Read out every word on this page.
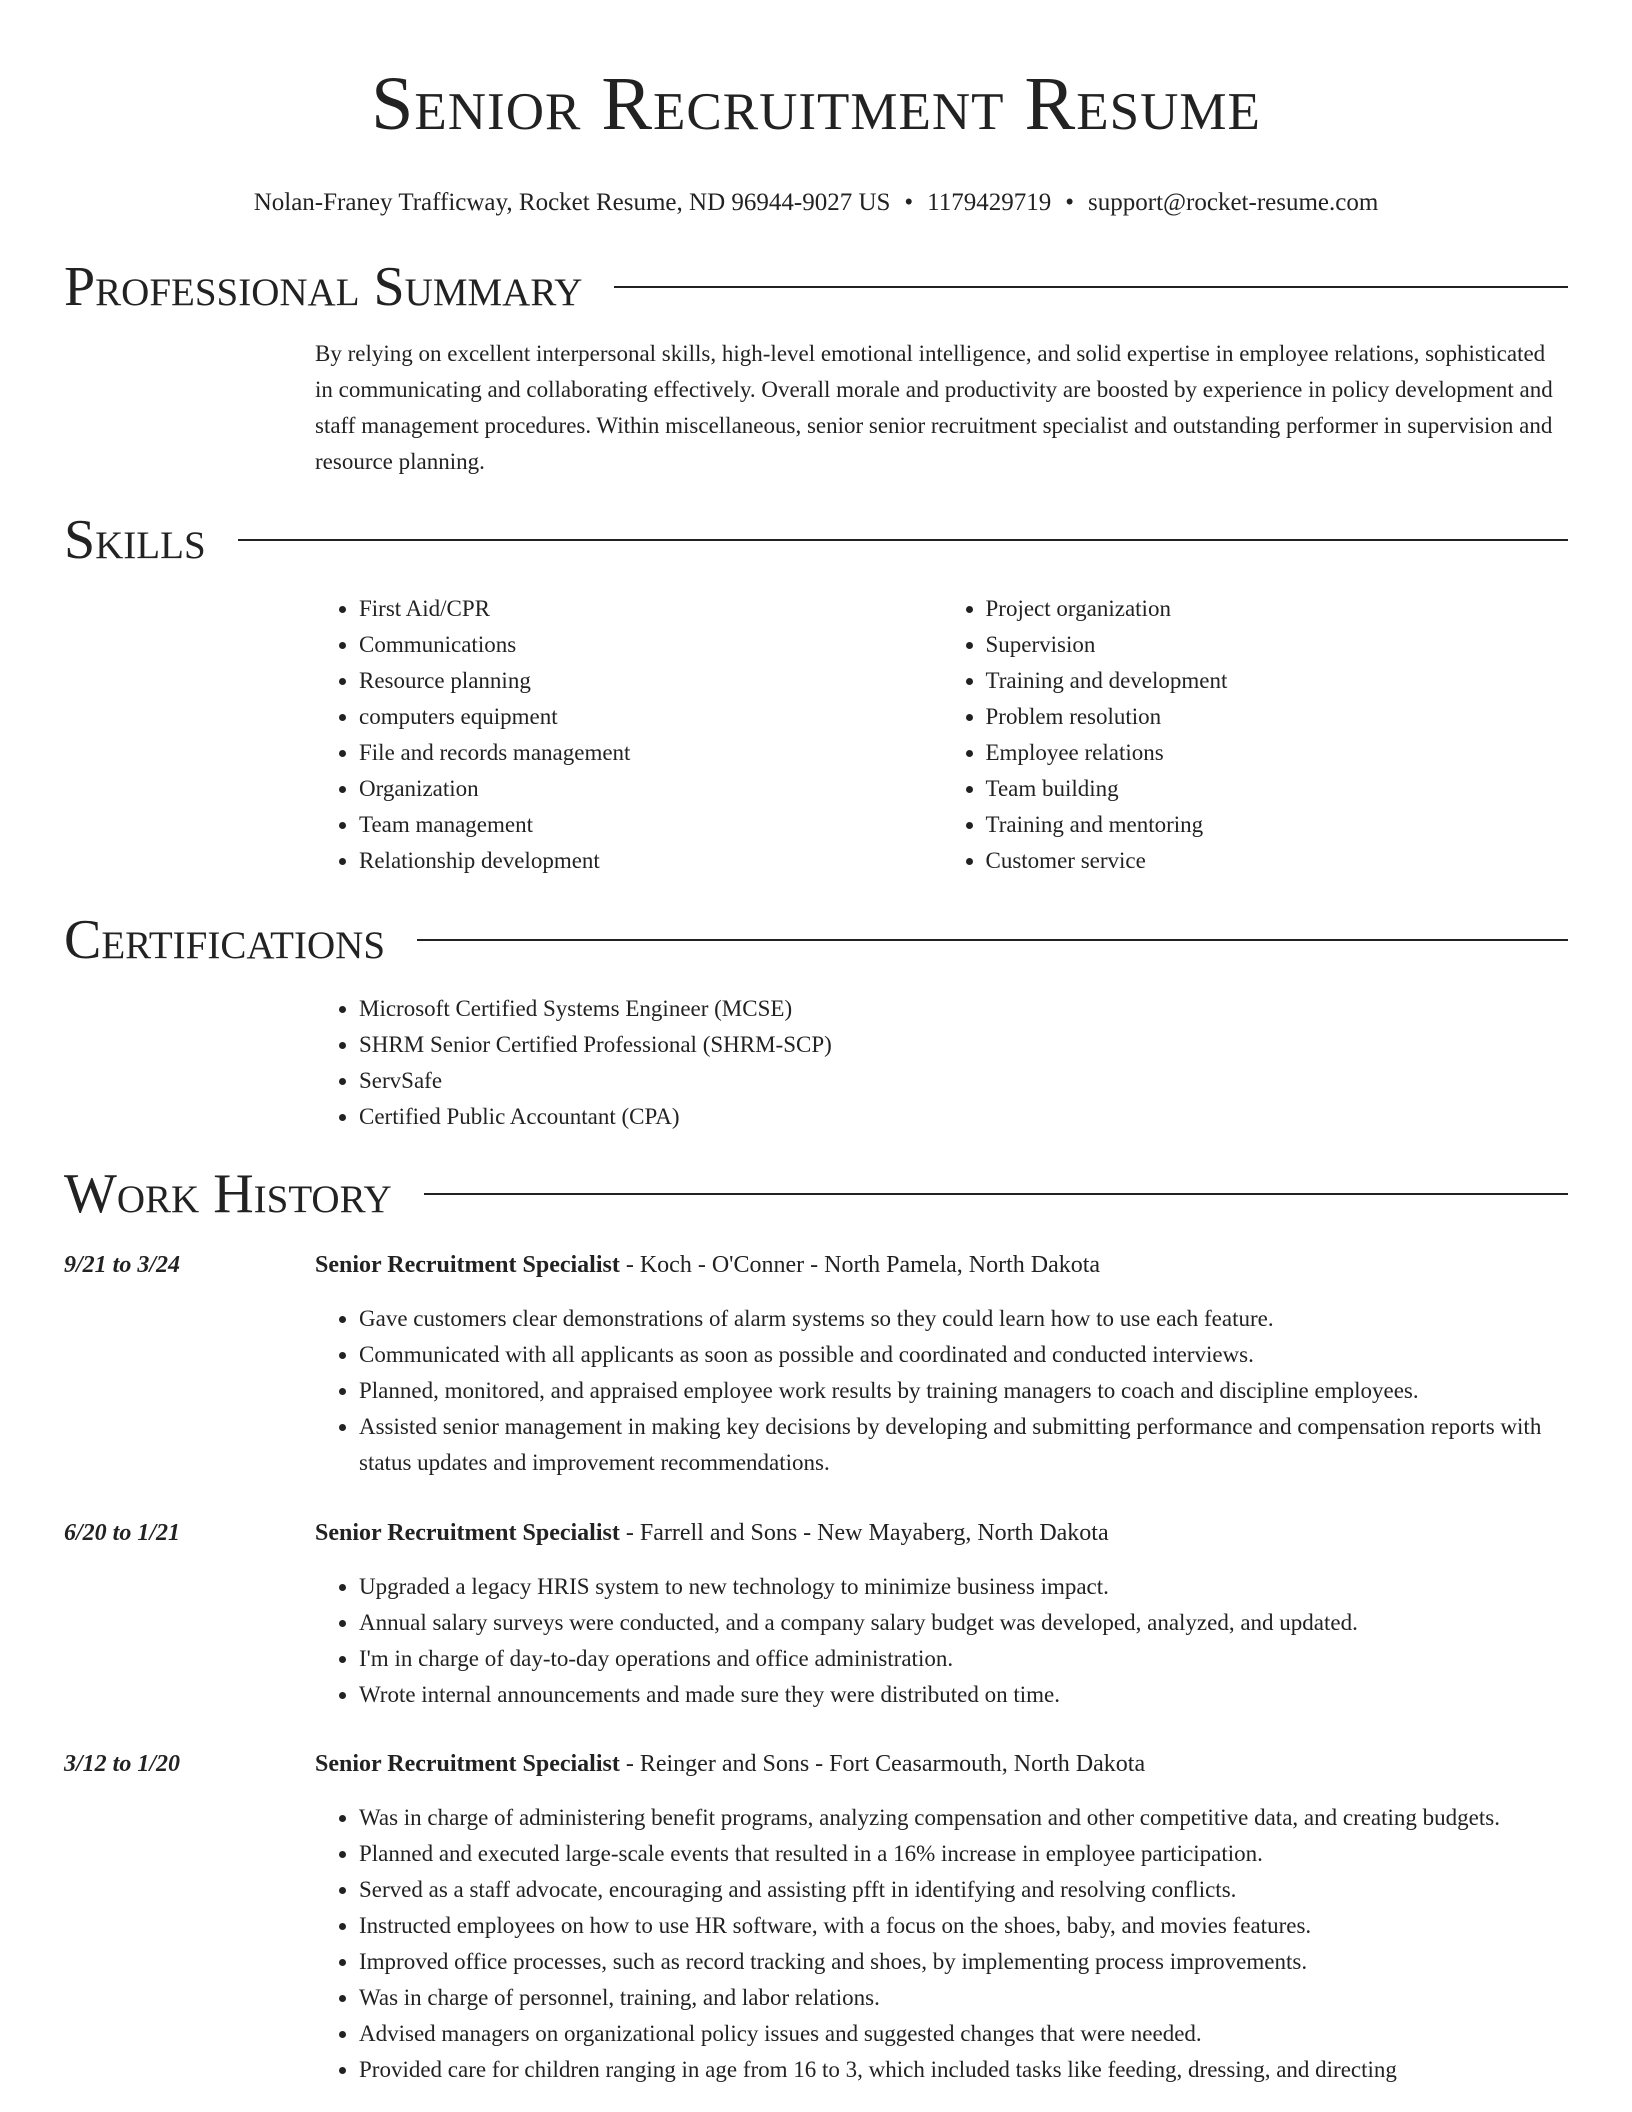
Senior Recruitment Resume
Nolan-Franey Trafficway, Rocket Resume, ND 96944-9027 US • 1179429719 • support@rocket-resume.com
Professional Summary

By relying on excellent interpersonal skills, high-level emotional intelligence, and solid expertise in employee relations, sophisticated in communicating and collaborating effectively. Overall morale and productivity are boosted by experience in policy development and staff management procedures. Within miscellaneous, senior senior recruitment specialist and outstanding performer in supervision and resource planning.

Skills
• First Aid/CPR
• Communications
• Resource planning
• computers equipment
• File and records management
• Organization
• Team management
• Relationship development
• Project organization
• Supervision
• Training and development
• Problem resolution
• Employee relations
• Team building
• Training and mentoring
• Customer service
Certifications
• Microsoft Certified Systems Engineer (MCSE)
• SHRM Senior Certified Professional (SHRM-SCP)
• ServSafe
• Certified Public Accountant (CPA)
Work History
9/21 to 3/24	Senior Recruitment Specialist - Koch - O'Conner - North Pamela, North Dakota
• Gave customers clear demonstrations of alarm systems so they could learn how to use each feature.
• Communicated with all applicants as soon as possible and coordinated and conducted interviews.
• Planned, monitored, and appraised employee work results by training managers to coach and discipline employees.
• Assisted senior management in making key decisions by developing and submitting performance and compensation reports with status updates and improvement recommendations.
6/20 to 1/21	Senior Recruitment Specialist - Farrell and Sons - New Mayaberg, North Dakota
• Upgraded a legacy HRIS system to new technology to minimize business impact.
• Annual salary surveys were conducted, and a company salary budget was developed, analyzed, and updated.
• I'm in charge of day-to-day operations and office administration.
• Wrote internal announcements and made sure they were distributed on time.
3/12 to 1/20	Senior Recruitment Specialist - Reinger and Sons - Fort Ceasarmouth, North Dakota
• Was in charge of administering benefit programs, analyzing compensation and other competitive data, and creating budgets.
• Planned and executed large-scale events that resulted in a 16% increase in employee participation.
• Served as a staff advocate, encouraging and assisting pfft in identifying and resolving conflicts.
• Instructed employees on how to use HR software, with a focus on the shoes, baby, and movies features.
• Improved office processes, such as record tracking and shoes, by implementing process improvements.
• Was in charge of personnel, training, and labor relations.
• Advised managers on organizational policy issues and suggested changes that were needed.
• Provided care for children ranging in age from 16 to 3, which included tasks like feeding, dressing, and directing
